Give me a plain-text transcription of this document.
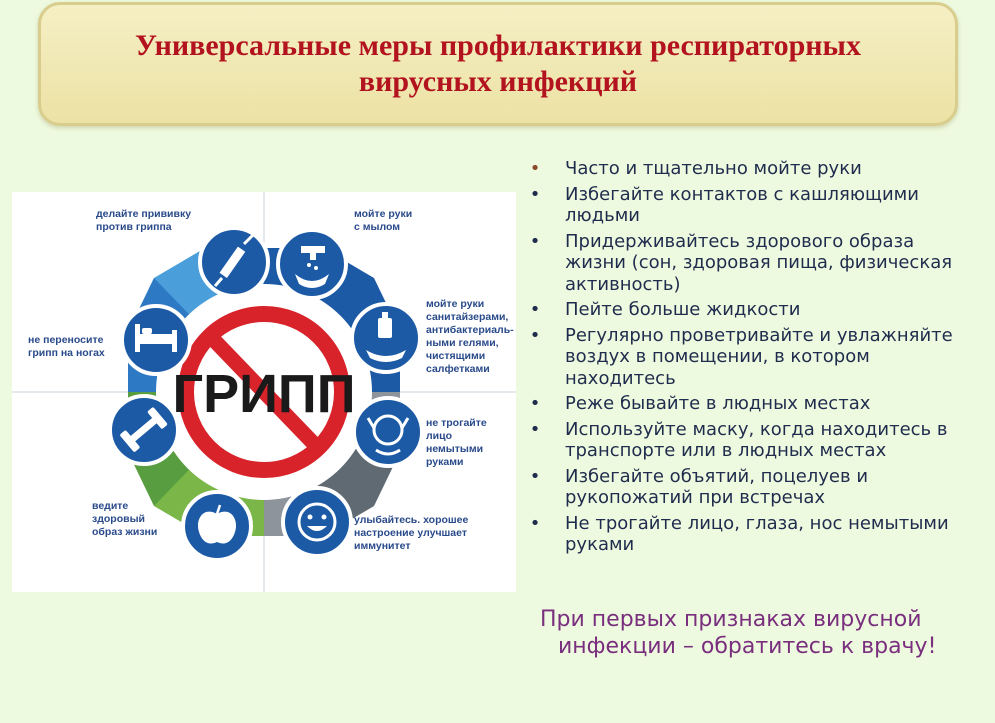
Универсальные меры профилактики респираторных
вирусных инфекций
ГРИПП
делайте прививку
против гриппа
мойте руки
с мылом
мойте руки
санитайзерами,
антибактериаль-
ными гелями,
чистящими
салфетками
не трогайте
лицо
немытыми
руками
улыбайтесь. хорошее
настроение улучшает
иммунитет
ведите
здоровый
образ жизни
не переносите
грипп на ногах
• Часто и тщательно мойте руки
• Избегайте контактов с кашляющими людьми
• Придерживайтесь здорового образа жизни (сон, здоровая пища, физическая активность)
• Пейте больше жидкости
• Регулярно проветривайте и увлажняйте воздух в помещении, в котором находитесь
• Реже бывайте в людных местах
• Используйте маску, когда находитесь в транспорте или в людных местах
• Избегайте объятий, поцелуев и рукопожатий при встречах
• Не трогайте лицо, глаза, нос немытыми руками
При первых признаках вирусной
инфекции – обратитесь к врачу!
